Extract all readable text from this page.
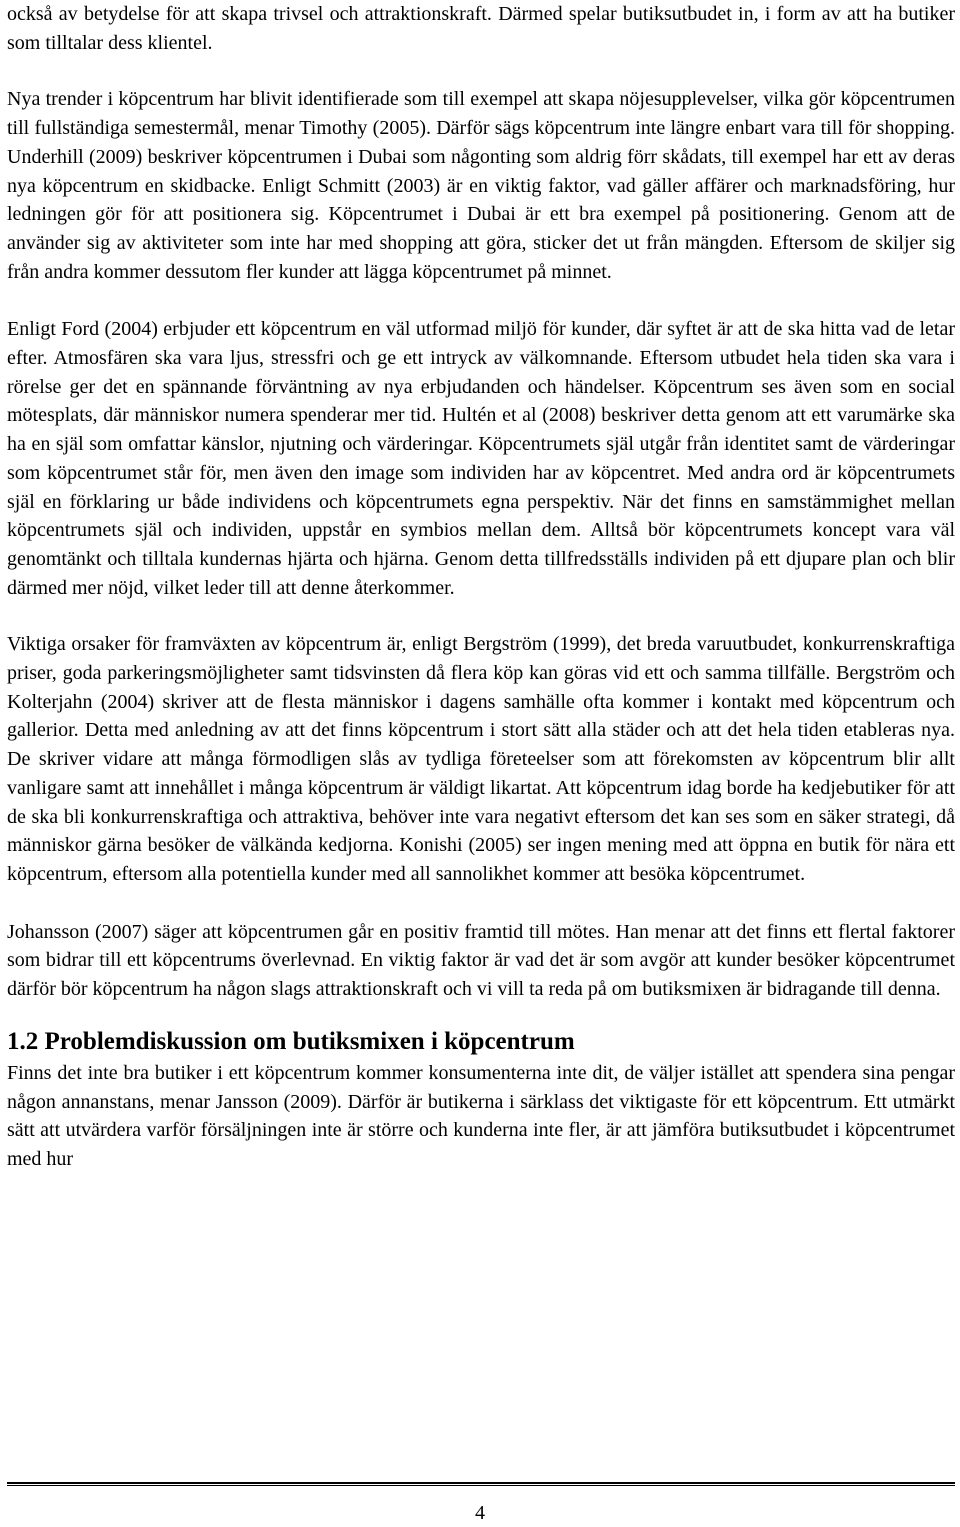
också av betydelse för att skapa trivsel och attraktionskraft. Därmed spelar butiksutbudet in, i form av att ha butiker som tilltalar dess klientel.

Nya trender i köpcentrum har blivit identifierade som till exempel att skapa nöjesupplevelser, vilka gör köpcentrumen till fullständiga semestermål, menar Timothy (2005). Därför sägs köpcentrum inte längre enbart vara till för shopping. Underhill (2009) beskriver köpcentrumen i Dubai som någonting som aldrig förr skådats, till exempel har ett av deras nya köpcentrum en skidbacke. Enligt Schmitt (2003) är en viktig faktor, vad gäller affärer och marknadsföring, hur ledningen gör för att positionera sig. Köpcentrumet i Dubai är ett bra exempel på positionering. Genom att de använder sig av aktiviteter som inte har med shopping att göra, sticker det ut från mängden. Eftersom de skiljer sig från andra kommer dessutom fler kunder att lägga köpcentrumet på minnet.

Enligt Ford (2004) erbjuder ett köpcentrum en väl utformad miljö för kunder, där syftet är att de ska hitta vad de letar efter. Atmosfären ska vara ljus, stressfri och ge ett intryck av välkomnande. Eftersom utbudet hela tiden ska vara i rörelse ger det en spännande förväntning av nya erbjudanden och händelser. Köpcentrum ses även som en social mötesplats, där människor numera spenderar mer tid. Hultén et al (2008) beskriver detta genom att ett varumärke ska ha en själ som omfattar känslor, njutning och värderingar. Köpcentrumets själ utgår från identitet samt de värderingar som köpcentrumet står för, men även den image som individen har av köpcentret. Med andra ord är köpcentrumets själ en förklaring ur både individens och köpcentrumets egna perspektiv. När det finns en samstämmighet mellan köpcentrumets själ och individen, uppstår en symbios mellan dem. Alltså bör köpcentrumets koncept vara väl genomtänkt och tilltala kundernas hjärta och hjärna. Genom detta tillfredsställs individen på ett djupare plan och blir därmed mer nöjd, vilket leder till att denne återkommer.

Viktiga orsaker för framväxten av köpcentrum är, enligt Bergström (1999), det breda varuutbudet, konkurrenskraftiga priser, goda parkeringsmöjligheter samt tidsvinsten då flera köp kan göras vid ett och samma tillfälle. Bergström och Kolterjahn (2004) skriver att de flesta människor i dagens samhälle ofta kommer i kontakt med köpcentrum och gallerior. Detta med anledning av att det finns köpcentrum i stort sätt alla städer och att det hela tiden etableras nya. De skriver vidare att många förmodligen slås av tydliga företeelser som att förekomsten av köpcentrum blir allt vanligare samt att innehållet i många köpcentrum är väldigt likartat. Att köpcentrum idag borde ha kedjebutiker för att de ska bli konkurrenskraftiga och attraktiva, behöver inte vara negativt eftersom det kan ses som en säker strategi, då människor gärna besöker de välkända kedjorna. Konishi (2005) ser ingen mening med att öppna en butik för nära ett köpcentrum, eftersom alla potentiella kunder med all sannolikhet kommer att besöka köpcentrumet.

Johansson (2007) säger att köpcentrumen går en positiv framtid till mötes. Han menar att det finns ett flertal faktorer som bidrar till ett köpcentrums överlevnad. En viktig faktor är vad det är som avgör att kunder besöker köpcentrumet därför bör köpcentrum ha någon slags attraktionskraft och vi vill ta reda på om butiksmixen är bidragande till denna.

1.2 Problemdiskussion om butiksmixen i köpcentrum

Finns det inte bra butiker i ett köpcentrum kommer konsumenterna inte dit, de väljer istället att spendera sina pengar någon annanstans, menar Jansson (2009). Därför är butikerna i särklass det viktigaste för ett köpcentrum. Ett utmärkt sätt att utvärdera varför försäljningen inte är större och kunderna inte fler, är att jämföra butiksutbudet i köpcentrumet med hur

4
